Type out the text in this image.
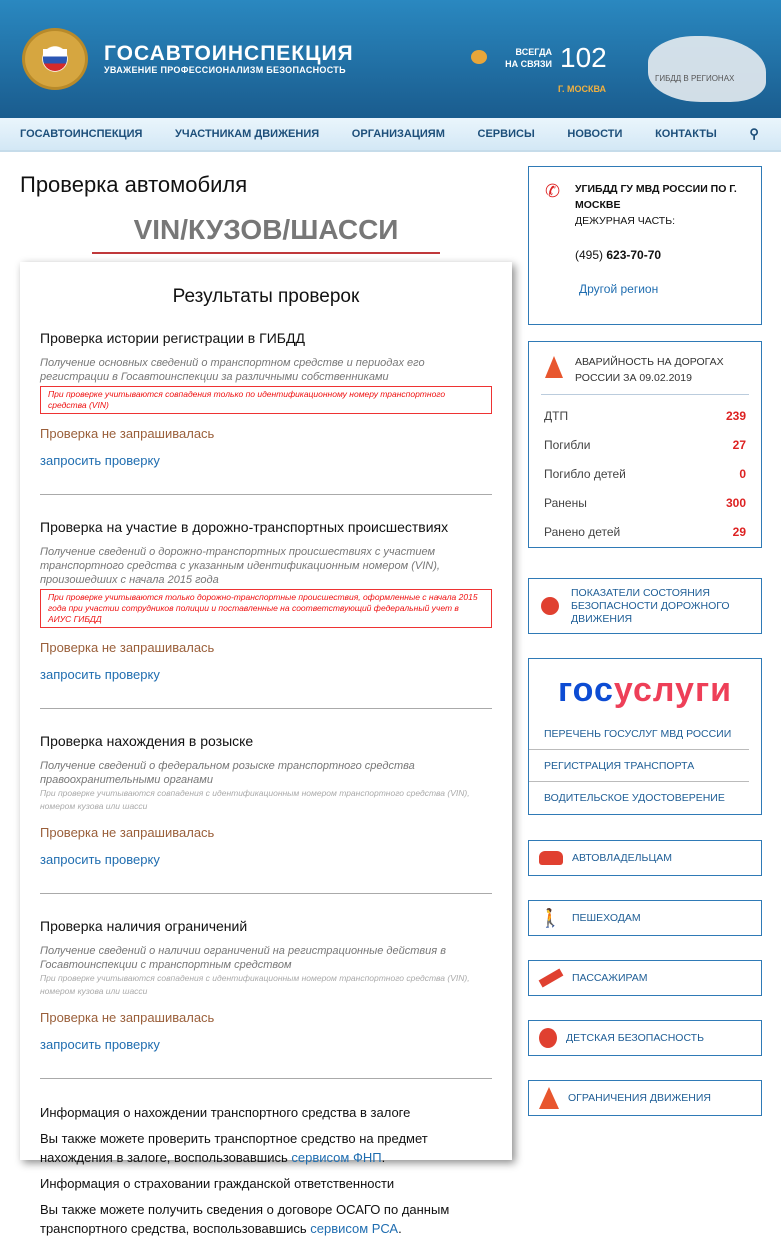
ГОСАВТОИНСПЕКЦИЯ
УВАЖЕНИЕ ПРОФЕССИОНАЛИЗМ БЕЗОПАСНОСТЬ
ВСЕГДА
НА СВЯЗИ 102
Г. МОСКВА
ГИБДД В РЕГИОНАХ
ГОСАВТОИНСПЕКЦИЯ	УЧАСТНИКАМ ДВИЖЕНИЯ	ОРГАНИЗАЦИЯМ	СЕРВИСЫ	НОВОСТИ	КОНТАКТЫ	⚲
Проверка автомобиля
VIN/КУЗОВ/ШАССИ
Результаты проверок
Проверка истории регистрации в ГИБДД
Получение основных сведений о транспортном средстве и периодах его регистрации в Госавтоинспекции за различными собственниками
При проверке учитываются совпадения только по идентификационному номеру транспортного средства (VIN)
Проверка не запрашивалась
запросить проверку
Проверка на участие в дорожно-транспортных происшествиях
Получение сведений о дорожно-транспортных происшествиях с участием транспортного средства с указанным идентификационным номером (VIN), произошедших с начала 2015 года
При проверке учитываются только дорожно-транспортные происшествия, оформленные с начала 2015 года при участии сотрудников полиции и поставленные на соответствующий федеральный учет в АИУС ГИБДД
Проверка не запрашивалась
запросить проверку
Проверка нахождения в розыске
Получение сведений о федеральном розыске транспортного средства правоохранительными органами
При проверке учитываются совпадения с идентификационным номером транспортного средства (VIN), номером кузова или шасси
Проверка не запрашивалась
запросить проверку
Проверка наличия ограничений
Получение сведений о наличии ограничений на регистрационные действия в Госавтоинспекции с транспортным средством
При проверке учитываются совпадения с идентификационным номером транспортного средства (VIN), номером кузова или шасси
Проверка не запрашивалась
запросить проверку

Информация о нахождении транспортного средства в залоге

Вы также можете проверить транспортное средство на предмет нахождения в залоге, воспользовавшись сервисом ФНП.

Информация о страховании гражданской ответственности

Вы также можете получить сведения о договоре ОСАГО по данным транспортного средства, воспользовавшись сервисом РСА.

✆ УГИБДД ГУ МВД РОССИИ ПО Г. МОСКВЕ
ДЕЖУРНАЯ ЧАСТЬ:
(495) 623-70-70
Другой регион
АВАРИЙНОСТЬ НА ДОРОГАХ РОССИИ ЗА 09.02.2019
ДТП	239
Погибли	27
Погибло детей	0
Ранены	300
Ранено детей	29
ПОКАЗАТЕЛИ СОСТОЯНИЯ БЕЗОПАСНОСТИ ДОРОЖНОГО ДВИЖЕНИЯ
госуслуги
ПЕРЕЧЕНЬ ГОСУСЛУГ МВД РОССИИ
РЕГИСТРАЦИЯ ТРАНСПОРТА
ВОДИТЕЛЬСКОЕ УДОСТОВЕРЕНИЕ
АВТОВЛАДЕЛЬЦАМ
🚶 ПЕШЕХОДАМ
ПАССАЖИРАМ
ДЕТСКАЯ БЕЗОПАСНОСТЬ
ОГРАНИЧЕНИЯ ДВИЖЕНИЯ
